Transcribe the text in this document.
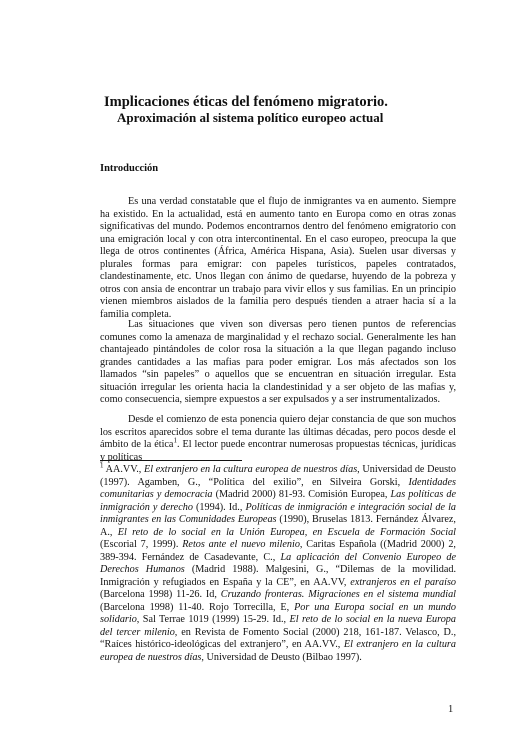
Implicaciones éticas del fenómeno migratorio.
Aproximación al sistema político europeo actual
Introducción

Es una verdad constatable que el flujo de inmigrantes va en aumento. Siempre ha existido. En la actualidad, está en aumento tanto en Europa como en otras zonas significativas del mundo. Podemos encontrarnos dentro del fenómeno emigratorio con una emigración local y con otra intercontinental. En el caso europeo, preocupa la que llega de otros continentes (África, América Hispana, Asia). Suelen usar diversas y plurales formas para emigrar: con papeles turísticos, papeles contratados, clandestinamente, etc. Unos llegan con ánimo de quedarse, huyendo de la pobreza y otros con ansia de encontrar un trabajo para vivir ellos y sus familias. En un principio vienen miembros aislados de la familia pero después tienden a atraer hacia sí a la familia completa.

Las situaciones que viven son diversas pero tienen puntos de referencias comunes como la amenaza de marginalidad y el rechazo social. Generalmente les han chantajeado pintándoles de color rosa la situación a la que llegan pagando incluso grandes cantidades a las mafias para poder emigrar. Los más afectados son los llamados “sin papeles” o aquellos que se encuentran en situación irregular. Esta situación irregular les orienta hacia la clandestinidad y a ser objeto de las mafias y, como consecuencia, siempre expuestos a ser expulsados y a ser instrumentalizados.

Desde el comienzo de esta ponencia quiero dejar constancia de que son muchos los escritos aparecidos sobre el tema durante las últimas décadas, pero pocos desde el ámbito de la ética$^1$. El lector puede encontrar numerosas propuestas técnicas, jurídicas y políticas

$^1$ AA.VV., El extranjero en la cultura europea de nuestros días, Universidad de Deusto (1997). Agamben, G., “Política del exilio”, en Silveira Gorski, Identidades comunitarias y democracia (Madrid 2000) 81-93. Comisión Europea, Las políticas de inmigración y derecho (1994). Id., Políticas de inmigración e integración social de la inmigrantes en las Comunidades Europeas (1990), Bruselas 1813. Fernández Álvarez, A., El reto de lo social en la Unión Europea, en Escuela de Formación Social (Escorial 7, 1999). Retos ante el nuevo milenio, Caritas Española ((Madrid 2000) 2, 389-394. Fernández de Casadevante, C., La aplicación del Convenio Europeo de Derechos Humanos (Madrid 1988). Malgesini, G., “Dilemas de la movilidad. Inmigración y refugiados en España y la CE”, en AA.VV, extranjeros en el paraíso (Barcelona 1998) 11-26. Id, Cruzando fronteras. Migraciones en el sistema mundial (Barcelona 1998) 11-40. Rojo Torrecilla, E, Por una Europa social en un mundo solidario, Sal Terrae 1019 (1999) 15-29. Id., El reto de lo social en la nueva Europa del tercer milenio, en Revista de Fomento Social (2000) 218, 161-187. Velasco, D., “Raíces histórico-ideológicas del extranjero”, en AA.VV., El extranjero en la cultura europea de nuestros días, Universidad de Deusto (Bilbao 1997).

1
